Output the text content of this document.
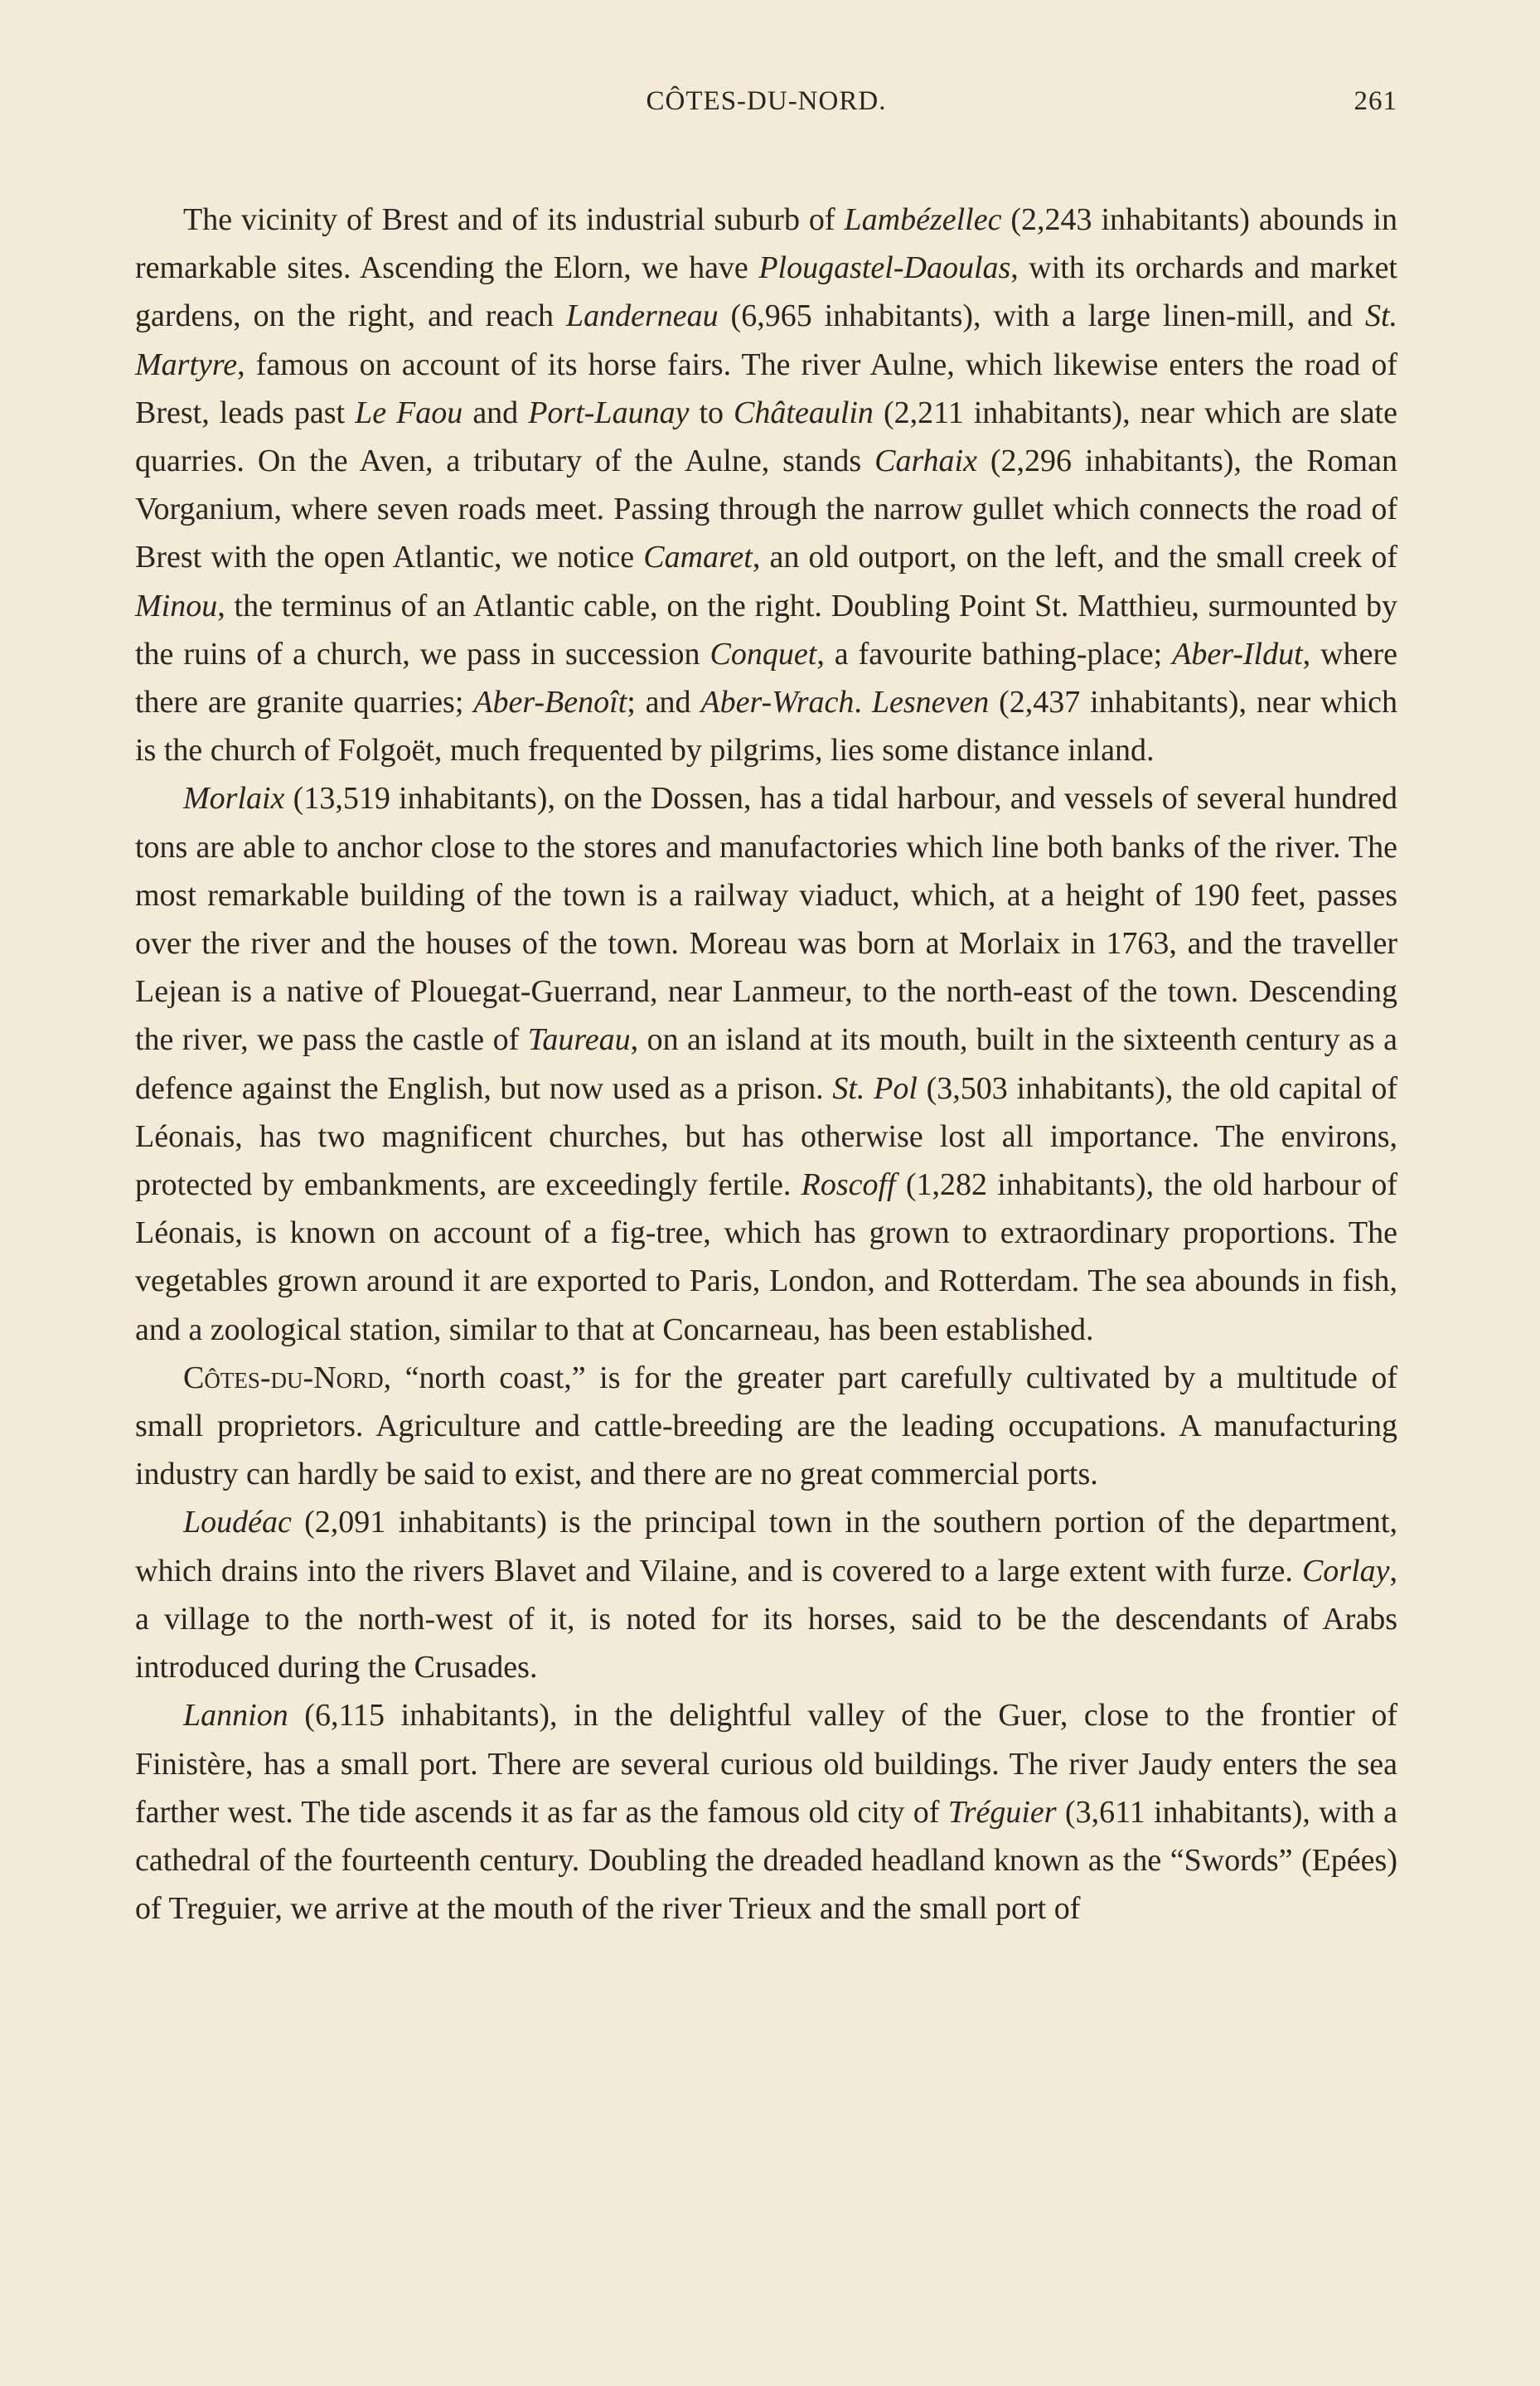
CÔTES-DU-NORD.	261

The vicinity of Brest and of its industrial suburb of Lambézellec (2,243 inhabitants) abounds in remarkable sites. Ascending the Elorn, we have Plougastel-Daoulas, with its orchards and market gardens, on the right, and reach Landerneau (6,965 inhabitants), with a large linen-mill, and St. Martyre, famous on account of its horse fairs. The river Aulne, which likewise enters the road of Brest, leads past Le Faou and Port-Launay to Châteaulin (2,211 inhabitants), near which are slate quarries. On the Aven, a tributary of the Aulne, stands Carhaix (2,296 inhabitants), the Roman Vorganium, where seven roads meet. Passing through the narrow gullet which connects the road of Brest with the open Atlantic, we notice Camaret, an old outport, on the left, and the small creek of Minou, the terminus of an Atlantic cable, on the right. Doubling Point St. Matthieu, surmounted by the ruins of a church, we pass in succession Conquet, a favourite bathing-place; Aber-Ildut, where there are granite quarries; Aber-Benoît; and Aber-Wrach. Lesneven (2,437 inhabitants), near which is the church of Folgoët, much frequented by pilgrims, lies some distance inland.

Morlaix (13,519 inhabitants), on the Dossen, has a tidal harbour, and vessels of several hundred tons are able to anchor close to the stores and manufactories which line both banks of the river. The most remarkable building of the town is a railway viaduct, which, at a height of 190 feet, passes over the river and the houses of the town. Moreau was born at Morlaix in 1763, and the traveller Lejean is a native of Plouegat-Guerrand, near Lanmeur, to the north-east of the town. Descending the river, we pass the castle of Taureau, on an island at its mouth, built in the sixteenth century as a defence against the English, but now used as a prison. St. Pol (3,503 inhabitants), the old capital of Léonais, has two magnificent churches, but has otherwise lost all importance. The environs, protected by embankments, are exceedingly fertile. Roscoff (1,282 inhabitants), the old harbour of Léonais, is known on account of a fig-tree, which has grown to extraordinary proportions. The vegetables grown around it are exported to Paris, London, and Rotterdam. The sea abounds in fish, and a zoological station, similar to that at Concarneau, has been established.

Côtes-du-Nord, “north coast,” is for the greater part carefully cultivated by a multitude of small proprietors. Agriculture and cattle-breeding are the leading occupations. A manufacturing industry can hardly be said to exist, and there are no great commercial ports.

Loudéac (2,091 inhabitants) is the principal town in the southern portion of the department, which drains into the rivers Blavet and Vilaine, and is covered to a large extent with furze. Corlay, a village to the north-west of it, is noted for its horses, said to be the descendants of Arabs introduced during the Crusades.

Lannion (6,115 inhabitants), in the delightful valley of the Guer, close to the frontier of Finistère, has a small port. There are several curious old buildings. The river Jaudy enters the sea farther west. The tide ascends it as far as the famous old city of Tréguier (3,611 inhabitants), with a cathedral of the fourteenth century. Doubling the dreaded headland known as the “Swords” (Epées) of Treguier, we arrive at the mouth of the river Trieux and the small port of
